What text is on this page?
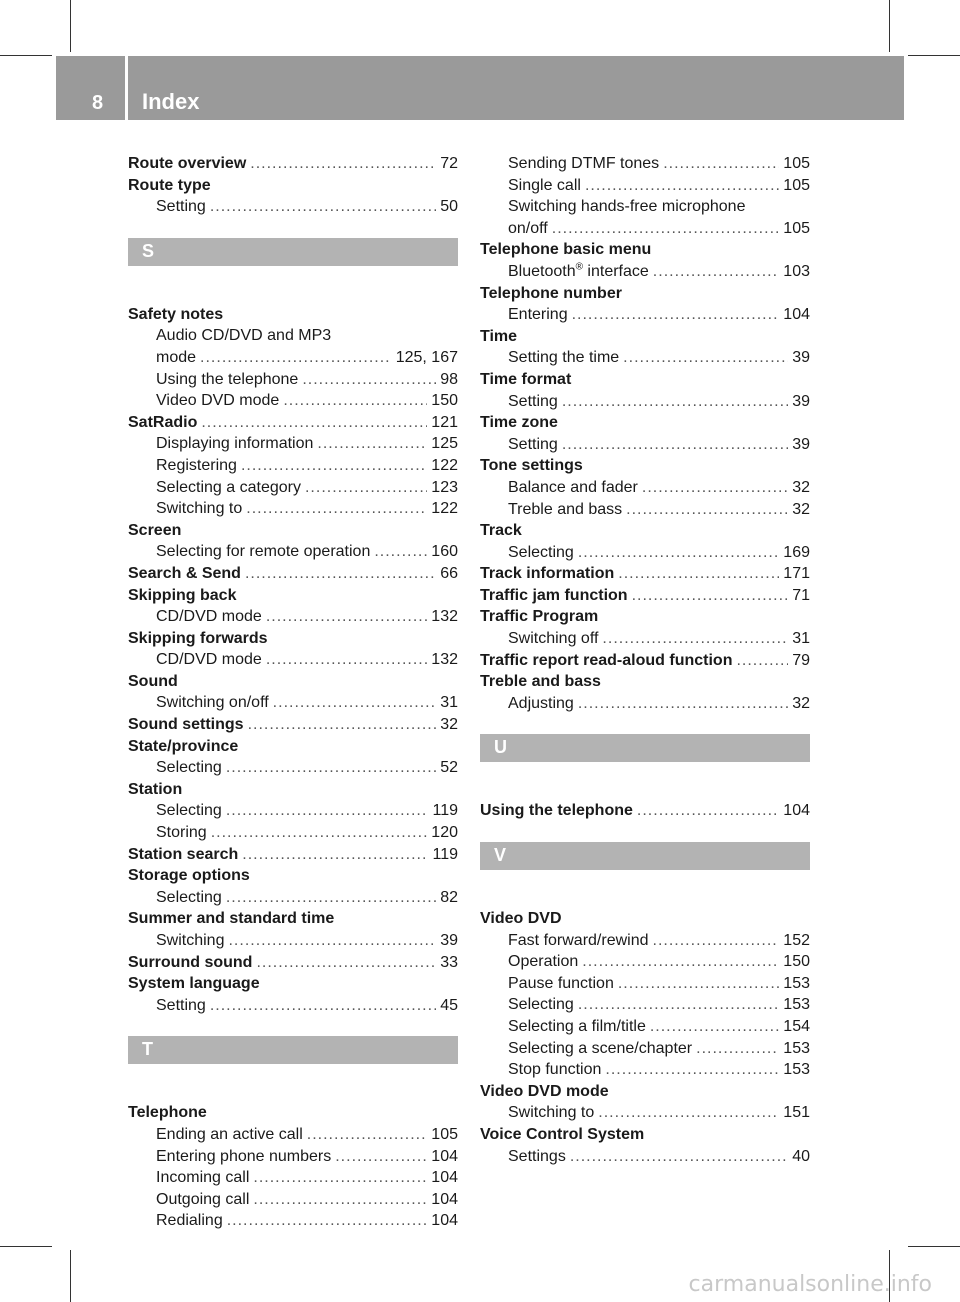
8 Index
Route overview .....	72
Route type
Setting .....	50
S
Safety notes
Audio CD/DVD and MP3
mode .....	125, 167
Using the telephone .....	98
Video DVD mode .....	150
SatRadio .....	121
Displaying information .....	125
Registering .....	122
Selecting a category .....	123
Switching to .....	122
Screen
Selecting for remote operation .....	160
Search & Send .....	66
Skipping back
CD/DVD mode .....	132
Skipping forwards
CD/DVD mode .....	132
Sound
Switching on/off .....	31
Sound settings .....	32
State/province
Selecting .....	52
Station
Selecting .....	119
Storing .....	120
Station search .....	119
Storage options
Selecting .....	82
Summer and standard time
Switching .....	39
Surround sound .....	33
System language
Setting .....	45
T
Telephone
Ending an active call .....	105
Entering phone numbers .....	104
Incoming call .....	104
Outgoing call .....	104
Redialing .....	104
Sending DTMF tones .....	105
Single call .....	105
Switching hands-free microphone
on/off .....	105
Telephone basic menu
Bluetooth® interface .....	103
Telephone number
Entering .....	104
Time
Setting the time .....	39
Time format
Setting .....	39
Time zone
Setting .....	39
Tone settings
Balance and fader .....	32
Treble and bass .....	32
Track
Selecting .....	169
Track information .....	171
Traffic jam function .....	71
Traffic Program
Switching off .....	31
Traffic report read-aloud function .....	79
Treble and bass
Adjusting .....	32
U
Using the telephone .....	104
V
Video DVD
Fast forward/rewind .....	152
Operation .....	150
Pause function .....	153
Selecting .....	153
Selecting a film/title .....	154
Selecting a scene/chapter .....	153
Stop function .....	153
Video DVD mode
Switching to .....	151
Voice Control System
Settings .....	40
carmanualsonline.info
